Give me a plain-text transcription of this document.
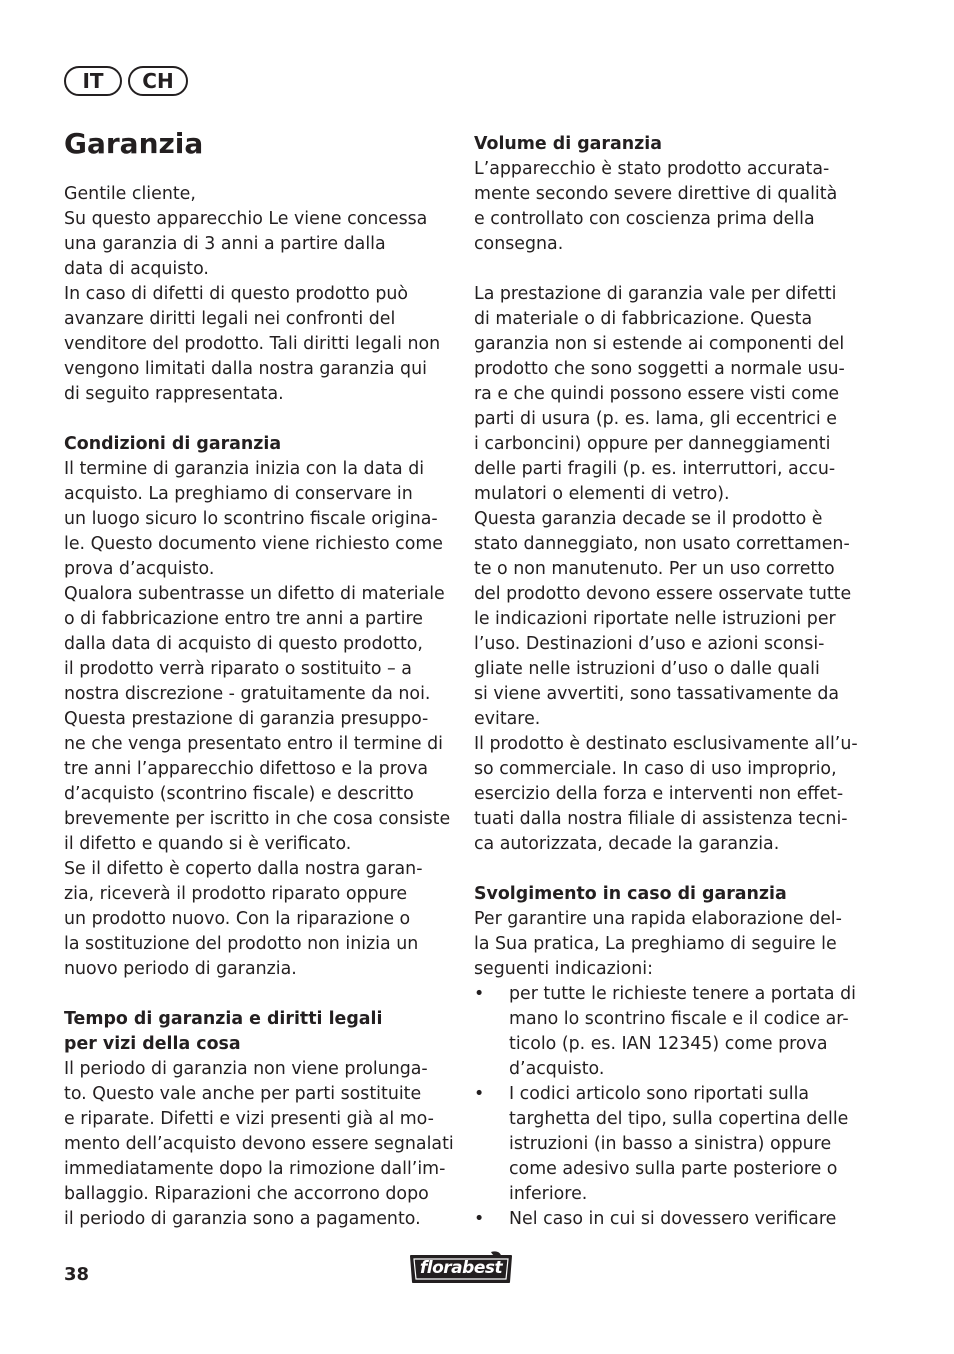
IT	CH
Garanzia
Gentile cliente,
Su questo apparecchio Le viene concessa
una garanzia di 3 anni a partire dalla
data di acquisto.
In caso di difetti di questo prodotto può
avanzare diritti legali nei confronti del
venditore del prodotto. Tali diritti legali non
vengono limitati dalla nostra garanzia qui
di seguito rappresentata.
Condizioni di garanzia
Il termine di garanzia inizia con la data di
acquisto. La preghiamo di conservare in
un luogo sicuro lo scontrino fiscale origina-
le. Questo documento viene richiesto come
prova d’acquisto.
Qualora subentrasse un difetto di materiale
o di fabbricazione entro tre anni a partire
dalla data di acquisto di questo prodotto,
il prodotto verrà riparato o sostituito – a
nostra discrezione - gratuitamente da noi.
Questa prestazione di garanzia presuppo-
ne che venga presentato entro il termine di
tre anni l’apparecchio difettoso e la prova
d’acquisto (scontrino fiscale) e descritto
brevemente per iscritto in che cosa consiste
il difetto e quando si è verificato.
Se il difetto è coperto dalla nostra garan-
zia, riceverà il prodotto riparato oppure
un prodotto nuovo. Con la riparazione o
la sostituzione del prodotto non inizia un
nuovo periodo di garanzia.
Tempo di garanzia e diritti legali
per vizi della cosa
Il periodo di garanzia non viene prolunga-
to. Questo vale anche per parti sostituite
e riparate. Difetti e vizi presenti già al mo-
mento dell’acquisto devono essere segnalati
immediatamente dopo la rimozione dall’im-
ballaggio. Riparazioni che accorrono dopo
il periodo di garanzia sono a pagamento.
Volume di garanzia
L’apparecchio è stato prodotto accurata-
mente secondo severe direttive di qualità
e controllato con coscienza prima della
consegna.
La prestazione di garanzia vale per difetti
di materiale o di fabbricazione. Questa
garanzia non si estende ai componenti del
prodotto che sono soggetti a normale usu-
ra e che quindi possono essere visti come
parti di usura (p. es. lama, gli eccentrici e
i carboncini) oppure per danneggiamenti
delle parti fragili (p. es. interruttori, accu-
mulatori o elementi di vetro).
Questa garanzia decade se il prodotto è
stato danneggiato, non usato correttamen-
te o non manutenuto. Per un uso corretto
del prodotto devono essere osservate tutte
le indicazioni riportate nelle istruzioni per
l’uso. Destinazioni d’uso e azioni sconsi-
gliate nelle istruzioni d’uso o dalle quali
si viene avvertiti, sono tassativamente da
evitare.
Il prodotto è destinato esclusivamente all’u-
so commerciale. In caso di uso improprio,
esercizio della forza e interventi non effet-
tuati dalla nostra filiale di assistenza tecni-
ca autorizzata, decade la garanzia.
Svolgimento in caso di garanzia
Per garantire una rapida elaborazione del-
la Sua pratica, La preghiamo di seguire le
seguenti indicazioni:
•	per tutte le richieste tenere a portata di
mano lo scontrino fiscale e il codice ar-
ticolo (p. es. IAN 12345) come prova
d’acquisto.
•	I codici articolo sono riportati sulla
targhetta del tipo, sulla copertina delle
istruzioni (in basso a sinistra) oppure
come adesivo sulla parte posteriore o
inferiore.
•	Nel caso in cui si dovessero verificare
38	florabest
